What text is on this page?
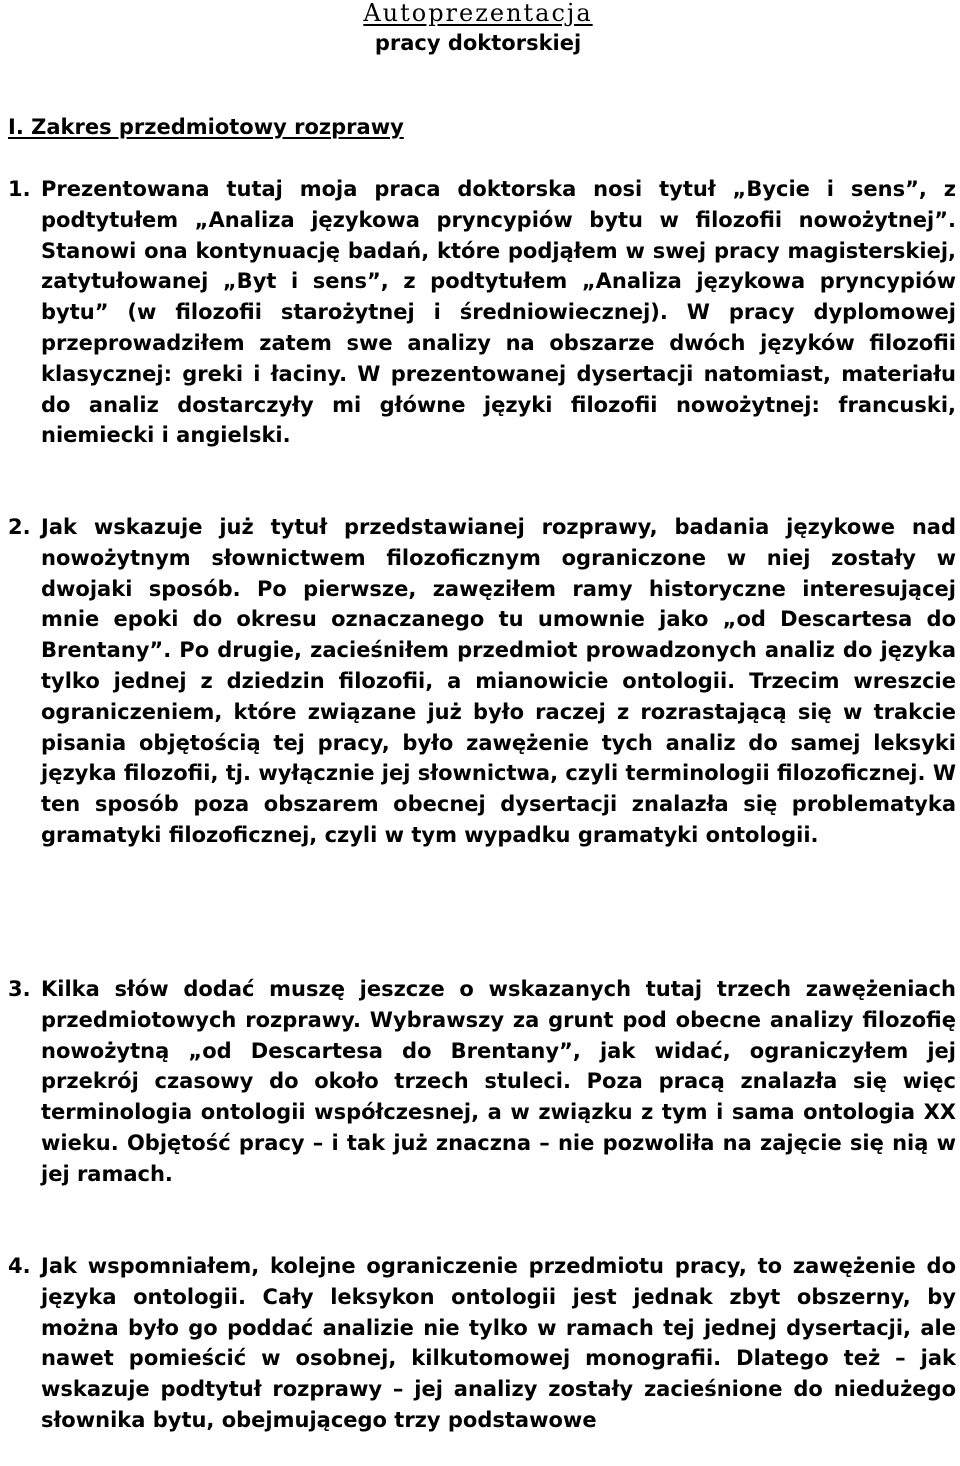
Autoprezentacja
pracy doktorskiej
I. Zakres przedmiotowy rozprawy
1. Prezentowana tutaj moja praca doktorska nosi tytuł „Bycie i sens”, z podtytułem „Analiza językowa pryncypiów bytu w filozofii nowożytnej”. Stanowi ona kontynuację badań, które podjąłem w swej pracy magisterskiej, zatytułowanej „Byt i sens”, z podtytułem „Analiza językowa pryncypiów bytu” (w filozofii starożytnej i średniowiecznej). W pracy dyplomowej przeprowadziłem zatem swe analizy na obszarze dwóch języków filozofii klasycznej: greki i łaciny. W prezentowanej dysertacji natomiast, materiału do analiz dostarczyły mi główne języki filozofii nowożytnej: francuski, niemiecki i angielski.
2. Jak wskazuje już tytuł przedstawianej rozprawy, badania językowe nad nowożytnym słownictwem filozoficznym ograniczone w niej zostały w dwojaki sposób. Po pierwsze, zawęziłem ramy historyczne interesującej mnie epoki do okresu oznaczanego tu umownie jako „od Descartesa do Brentany”. Po drugie, zacieśniłem przedmiot prowadzonych analiz do języka tylko jednej z dziedzin filozofii, a mianowicie ontologii. Trzecim wreszcie ograniczeniem, które związane już było raczej z rozrastającą się w trakcie pisania objętością tej pracy, było zawężenie tych analiz do samej leksyki języka filozofii, tj. wyłącznie jej słownictwa, czyli terminologii filozoficznej. W ten sposób poza obszarem obecnej dysertacji znalazła się problematyka gramatyki filozoficznej, czyli w tym wypadku gramatyki ontologii.
3. Kilka słów dodać muszę jeszcze o wskazanych tutaj trzech zawężeniach przedmiotowych rozprawy. Wybrawszy za grunt pod obecne analizy filozofię nowożytną „od Descartesa do Brentany”, jak widać, ograniczyłem jej przekrój czasowy do około trzech stuleci. Poza pracą znalazła się więc terminologia ontologii współczesnej, a w związku z tym i sama ontologia XX wieku. Objętość pracy – i tak już znaczna – nie pozwoliła na zajęcie się nią w jej ramach.
4. Jak wspomniałem, kolejne ograniczenie przedmiotu pracy, to zawężenie do języka ontologii. Cały leksykon ontologii jest jednak zbyt obszerny, by można było go poddać analizie nie tylko w ramach tej jednej dysertacji, ale nawet pomieścić w osobnej, kilkutomowej monografii. Dlatego też – jak wskazuje podtytuł rozprawy – jej analizy zostały zacieśnione do niedużego słownika bytu, obejmującego trzy podstawowe
